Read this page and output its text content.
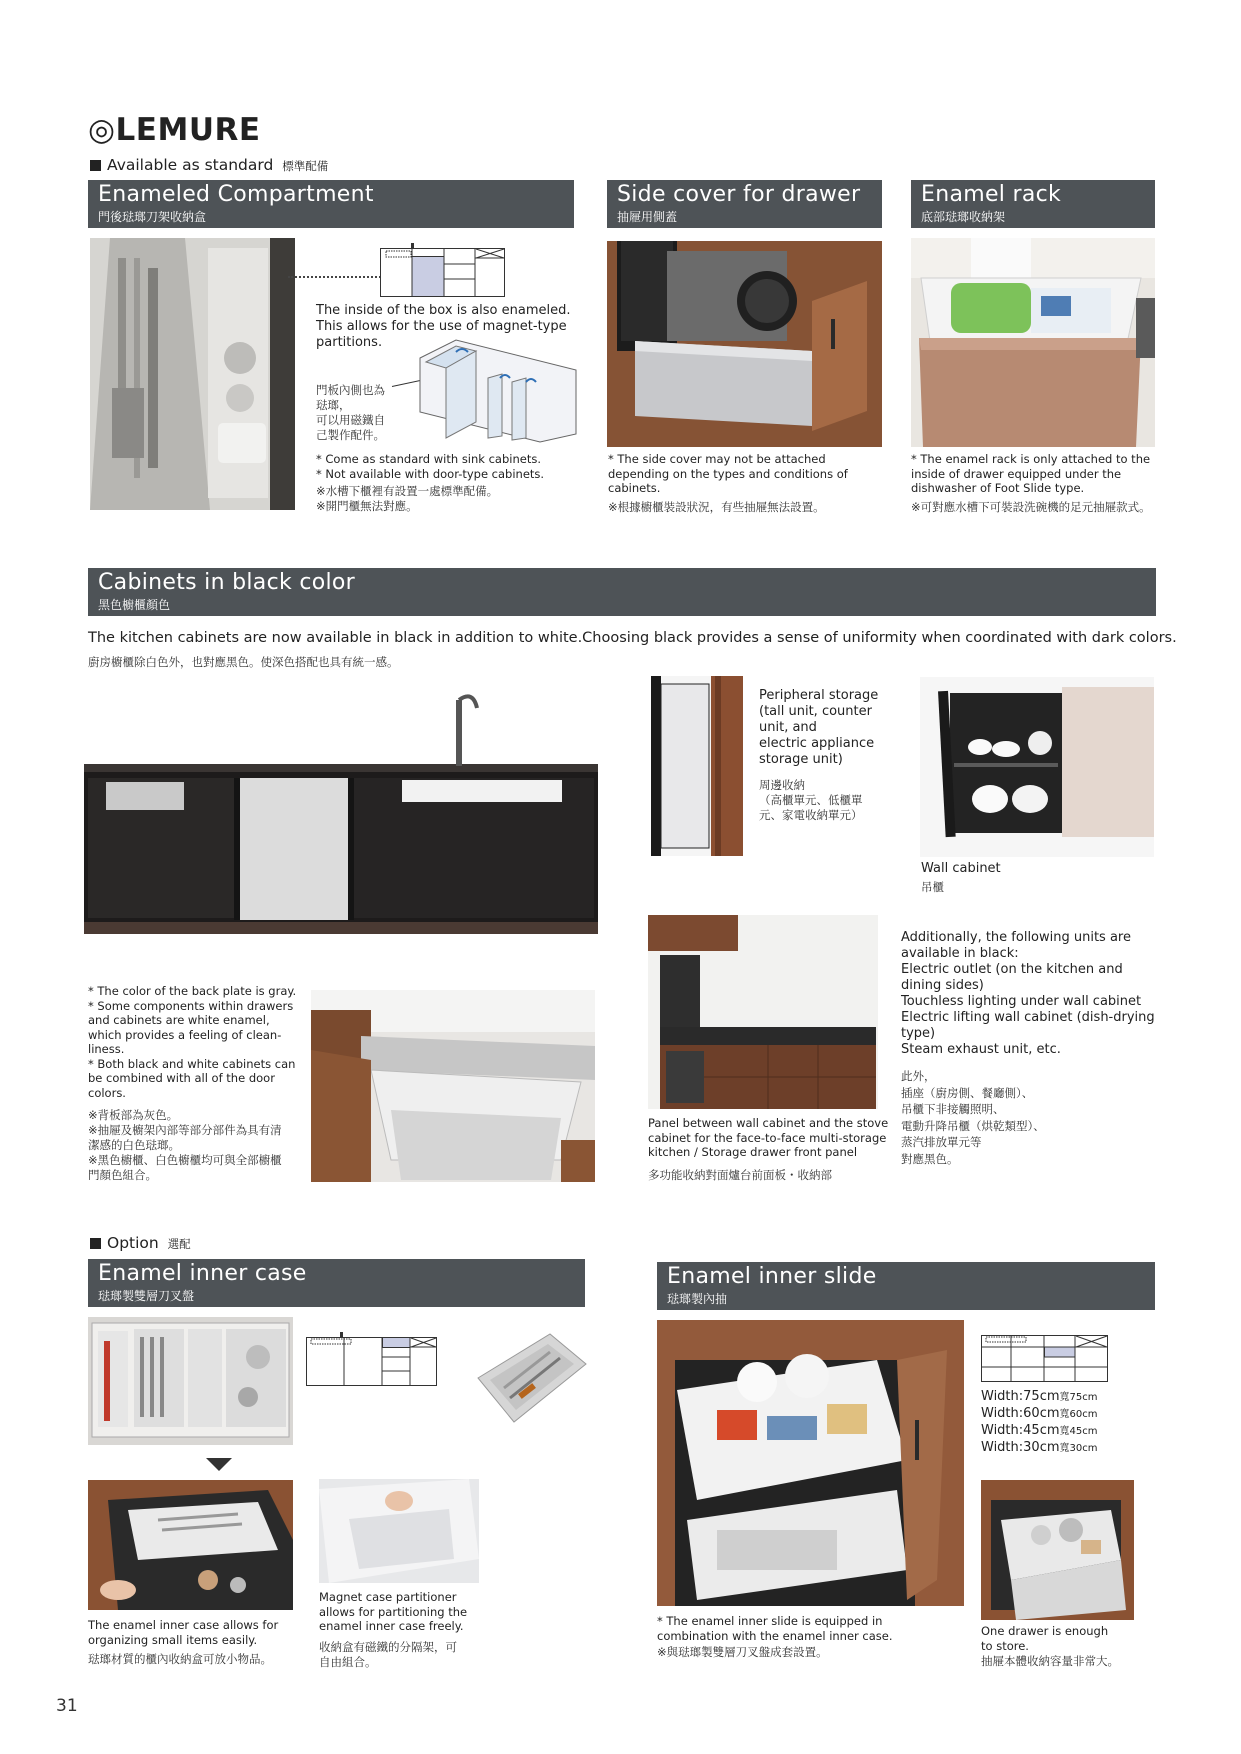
◎LEMURE
Available as standard 標準配備
Enameled Compartment
門後琺瑯刀架收納盒
The inside of the box is also enameled.
This allows for the use of magnet-type
partitions.
門板內側也為
琺瑯，
可以用磁鐵自
己製作配件。
* Come as standard with sink cabinets.
* Not available with door-type cabinets.
※水槽下櫃裡有設置一處標準配備。
※開門櫃無法對應。
Side cover for drawer
抽屜用側蓋
* The side cover may not be attached
depending on the types and conditions of
cabinets.
※根據櫥櫃裝設狀況，有些抽屜無法設置。
Enamel rack
底部琺瑯收納架
* The enamel rack is only attached to the
inside of drawer equipped under the
dishwasher of Foot Slide type.
※可對應水槽下可裝設洗碗機的足元抽屜款式。
Cabinets in black color
黑色櫥櫃顏色
The kitchen cabinets are now available in black in addition to white.Choosing black provides a sense of uniformity when coordinated with dark colors.
廚房櫥櫃除白色外，也對應黑色。使深色搭配也具有統一感。
Peripheral storage
(tall unit, counter
unit, and
electric appliance
storage unit)
周邊收納
（高櫃單元、低櫃單
元、家電收納單元）
Wall cabinet
吊櫃
* The color of the back plate is gray.
* Some components within drawers
and cabinets are white enamel,
which provides a feeling of clean-
liness.
* Both black and white cabinets can
be combined with all of the door
colors.
※背板部為灰色。
※抽屜及櫥架內部等部分部件為具有清
潔感的白色琺瑯。
※黑色櫥櫃、白色櫥櫃均可與全部櫥櫃
門顏色組合。
Panel between wall cabinet and the stove
cabinet for the face-to-face multi-storage
kitchen / Storage drawer front panel
多功能收納對面爐台前面板・收納部
Additionally, the following units are
available in black:
Electric outlet (on the kitchen and
dining sides)
Touchless lighting under wall cabinet
Electric lifting wall cabinet (dish-drying
type)
Steam exhaust unit, etc.
此外，
插座（廚房側、餐廳側）、
吊櫃下非接觸照明、
電動升降吊櫃（烘乾類型）、
蒸汽排放單元等
對應黑色。
Option 選配
Enamel inner case
琺瑯製雙層刀叉盤
The enamel inner case allows for
organizing small items easily.
琺瑯材質的櫃內收納盒可放小物品。
Magnet case partitioner
allows for partitioning the
enamel inner case freely.
收納盒有磁鐵的分隔架，可
自由組合。
Enamel inner slide
琺瑯製內抽
Width:75cm寬75cm
Width:60cm寬60cm
Width:45cm寬45cm
Width:30cm寬30cm
* The enamel inner slide is equipped in
combination with the enamel inner case.
※與琺瑯製雙層刀叉盤成套設置。
One drawer is enough
to store.
抽屜本體收納容量非常大。
31
